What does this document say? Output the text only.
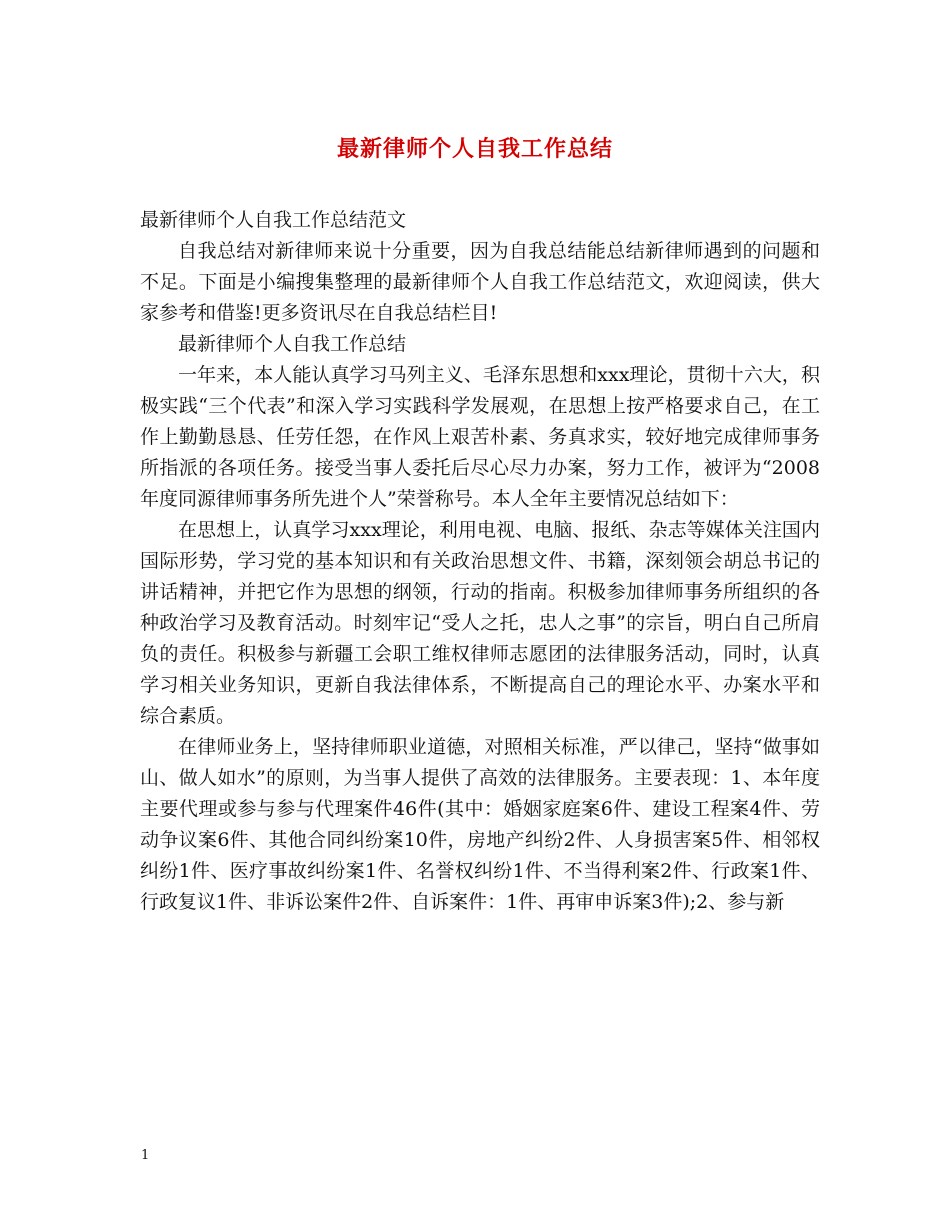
最新律师个人自我工作总结

最新律师个人自我工作总结范文

自我总结对新律师来说十分重要，因为自我总结能总结新律师遇到的问题和不足。下面是小编搜集整理的最新律师个人自我工作总结范文，欢迎阅读，供大家参考和借鉴!更多资讯尽在自我总结栏目!

最新律师个人自我工作总结

一年来，本人能认真学习马列主义、毛泽东思想和xxx理论，贯彻十六大，积极实践“三个代表”和深入学习实践科学发展观，在思想上按严格要求自己，在工作上勤勤恳恳、任劳任怨，在作风上艰苦朴素、务真求实，较好地完成律师事务所指派的各项任务。接受当事人委托后尽心尽力办案，努力工作，被评为“2008年度同源律师事务所先进个人”荣誉称号。本人全年主要情况总结如下：

在思想上，认真学习xxx理论，利用电视、电脑、报纸、杂志等媒体关注国内国际形势，学习党的基本知识和有关政治思想文件、书籍，深刻领会胡总书记的讲话精神，并把它作为思想的纲领，行动的指南。积极参加律师事务所组织的各种政治学习及教育活动。时刻牢记“受人之托，忠人之事”的宗旨，明白自己所肩负的责任。积极参与新疆工会职工维权律师志愿团的法律服务活动，同时，认真学习相关业务知识，更新自我法律体系，不断提高自己的理论水平、办案水平和综合素质。

在律师业务上，坚持律师职业道德，对照相关标准，严以律己，坚持“做事如山、做人如水”的原则，为当事人提供了高效的法律服务。主要表现：1、本年度主要代理或参与参与代理案件46件(其中：婚姻家庭案6件、建设工程案4件、劳动争议案6件、其他合同纠纷案10件，房地产纠纷2件、人身损害案5件、相邻权纠纷1件、医疗事故纠纷案1件、名誉权纠纷1件、不当得利案2件、行政案1件、行政复议1件、非诉讼案件2件、自诉案件：1件、再审申诉案3件);2、参与新

1
